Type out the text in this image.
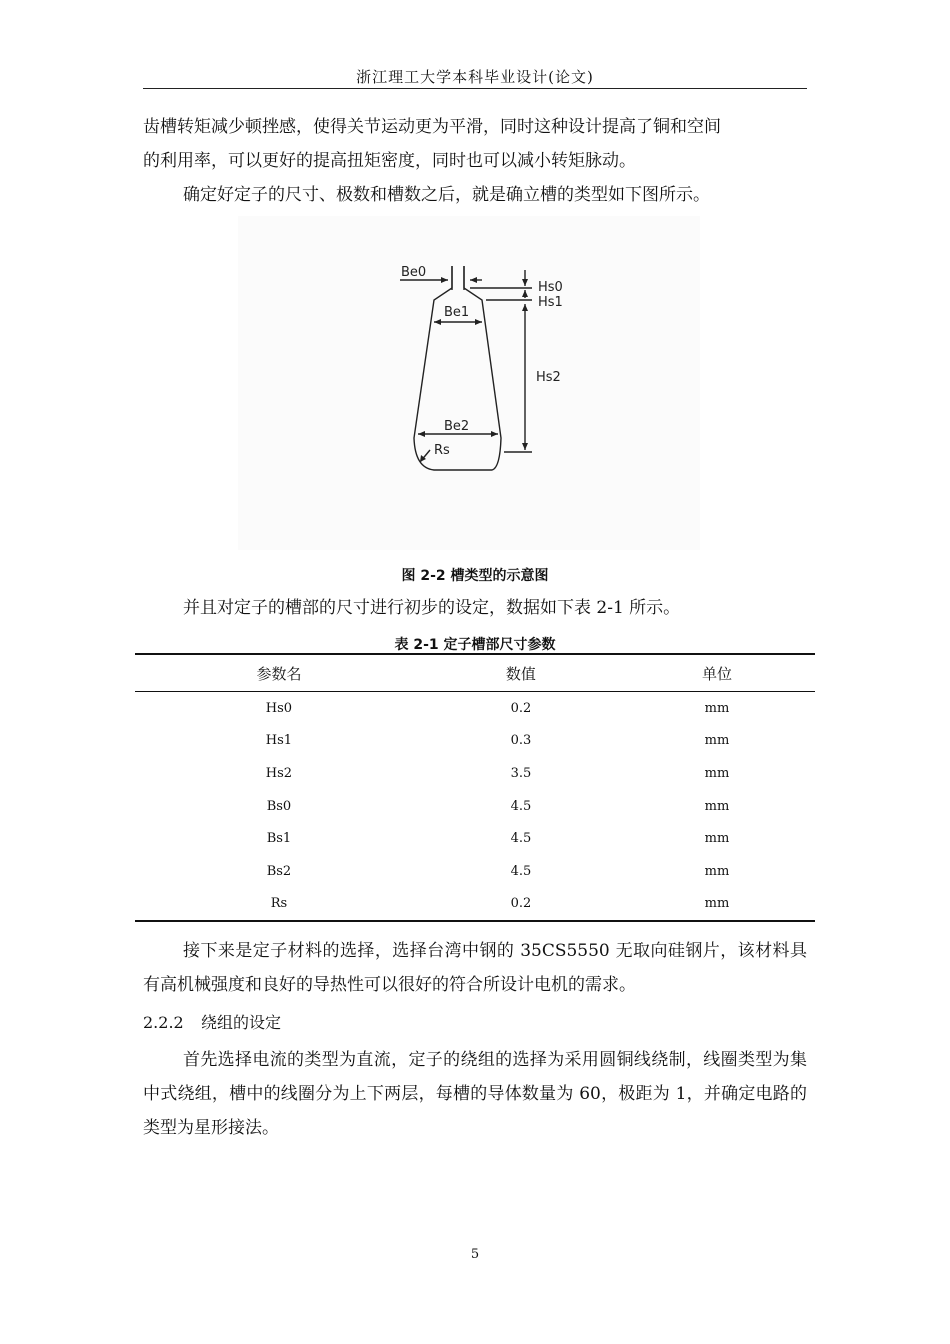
浙江理工大学本科毕业设计(论文)

齿槽转矩减少顿挫感，使得关节运动更为平滑，同时这种设计提高了铜和空间

的利用率，可以更好的提高扭矩密度，同时也可以减小转矩脉动。

确定好定子的尺寸、极数和槽数之后，就是确立槽的类型如下图所示。

Be0
Hs0
Hs1
Be1
Hs2
Be2
Rs
图 2-2 槽类型的示意图

并且对定子的槽部的尺寸进行初步的设定，数据如下表 2-1 所示。

表 2-1 定子槽部尺寸参数
参数名	数值	单位
Hs0	0.2	mm
Hs1	0.3	mm
Hs2	3.5	mm
Bs0	4.5	mm
Bs1	4.5	mm
Bs2	4.5	mm
Rs	0.2	mm

接下来是定子材料的选择，选择台湾中钢的 35CS5550 无取向硅钢片，该材料具有高机械强度和良好的导热性可以很好的符合所设计电机的需求。

2.2.2 绕组的设定

首先选择电流的类型为直流，定子的绕组的选择为采用圆铜线绕制，线圈类型为集中式绕组，槽中的线圈分为上下两层，每槽的导体数量为 60，极距为 1，并确定电路的类型为星形接法。

5
